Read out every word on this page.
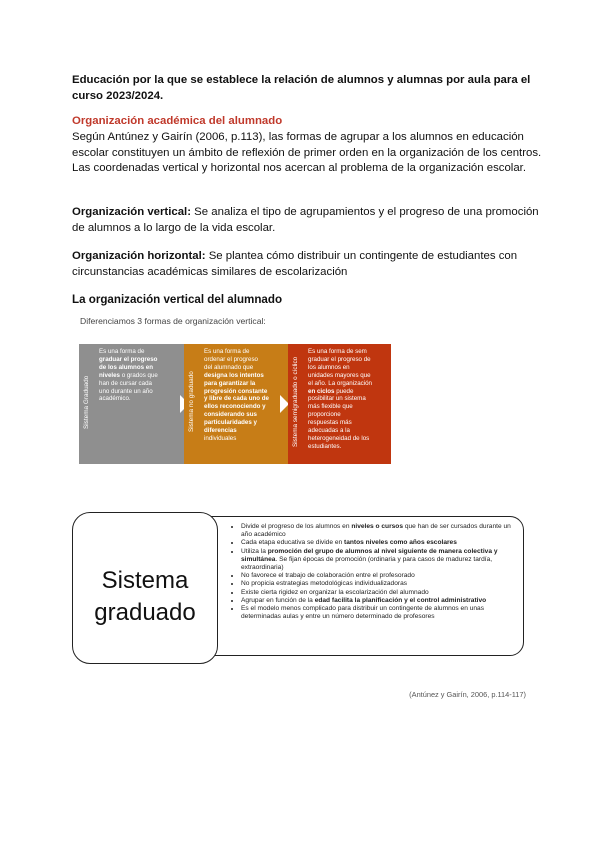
Educación por la que se establece la relación de alumnos y alumnas por aula para el curso 2023/2024.
Organización académica del alumnado
Según Antúnez y Gairín (2006, p.113), las formas de agrupar a los alumnos en educación escolar constituyen un ámbito de reflexión de primer orden en la organización de los centros. Las coordenadas vertical y horizontal nos acercan al problema de la organización escolar.
Organización vertical: Se analiza el tipo de agrupamientos y el progreso de una promoción de alumnos a lo largo de la vida escolar.
Organización horizontal: Se plantea cómo distribuir un contingente de estudiantes con circunstancias académicas similares de escolarización
La organización vertical del alumnado
Diferenciamos 3 formas de organización vertical:
Sistema Graduado
Es una forma de
graduar el progreso
de los alumnos en
niveles o grados que
han de cursar cada
uno durante un año
académico.	Sistema no graduado
Es una forma de
ordenar el progreso
del alumnado que
designa los intentos
para garantizar la
progresión constante
y libre de cada uno de
ellos reconociendo y
considerando sus
particularidades y
diferencias
individuales	Sistema semigraduado o cíclico
Es una forma de sem
graduar el progreso de
los alumnos en
unidades mayores que
el año. La organización
en ciclos puede
posibilitar un sistema
más flexible que
proporcione
respuestas más
adecuadas a la
heterogeneidad de los
estudiantes.
• Divide el progreso de los alumnos en niveles o cursos que han de ser cursados durante un año académico
• Cada etapa educativa se divide en tantos niveles como años escolares
• Utiliza la promoción del grupo de alumnos al nivel siguiente de manera colectiva y simultánea. Se fijan épocas de promoción (ordinaria y para casos de madurez tardía, extraordinaria)
• No favorece el trabajo de colaboración entre el profesorado
• No propicia estrategias metodológicas individualizadoras
• Existe cierta rigidez en organizar la escolarización del alumnado
• Agrupar en función de la edad facilita la planificación y el control administrativo
• Es el modelo menos complicado para distribuir un contingente de alumnos en unas determinadas aulas y entre un número determinado de profesores
Sistema
graduado
(Antúnez y Gairín, 2006, p.114-117)
